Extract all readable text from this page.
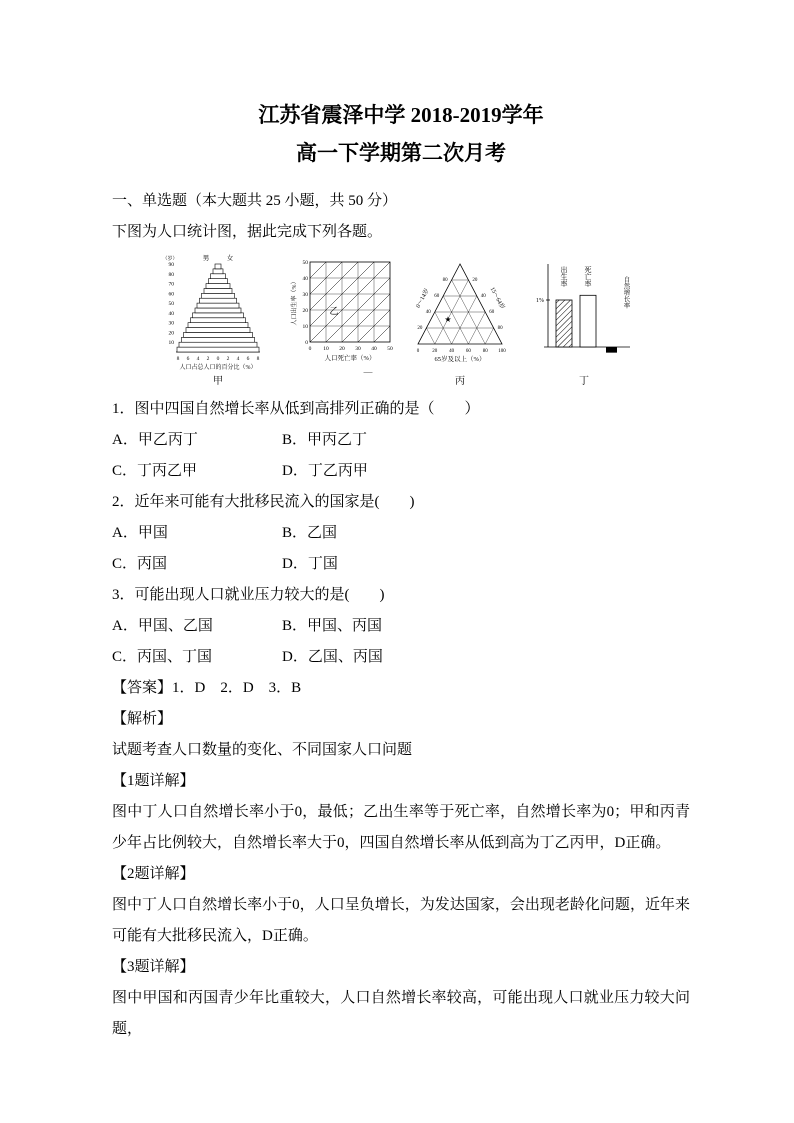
江苏省震泽中学 2018-2019学年

高一下学期第二次月考

一、单选题（本大题共 25 小题，共 50 分）

下图为人口统计图，据此完成下列各题。

90
80
70
60
50
40
30
20
10
（岁）	男	女
8 6 4 2 0 2 4 6 8
人口占总人口的百分比（%）
甲
0
10
20
30
40
50
0 10 20 30 40 50
人口出生率（%）
人口死亡率（%）
乙
＿
0	20 40 60 80 100
20
40
60
80	20
40
60
80
0～14岁	15～64岁
65岁及以上（%）
★
丙
1%
出生率 死亡率	自然增长率
丁

1．图中四国自然增长率从低到高排列正确的是（　　）

A．甲乙丙丁	B．甲丙乙丁
C．丁丙乙甲	D．丁乙丙甲

2．近年来可能有大批移民流入的国家是(　　)

A．甲国	B．乙国
C．丙国	D．丁国

3．可能出现人口就业压力较大的是(　　)

A．甲国、乙国	B．甲国、丙国
C．丙国、丁国	D．乙国、丙国

【答案】1．D    2．D    3．B

【解析】

试题考查人口数量的变化、不同国家人口问题

【1题详解】

图中丁人口自然增长率小于0，最低；乙出生率等于死亡率，自然增长率为0；甲和丙青少年占比例较大，自然增长率大于0，四国自然增长率从低到高为丁乙丙甲，D正确。

【2题详解】

图中丁人口自然增长率小于0，人口呈负增长，为发达国家，会出现老龄化问题，近年来可能有大批移民流入，D正确。

【3题详解】

图中甲国和丙国青少年比重较大，人口自然增长率较高，可能出现人口就业压力较大问题，
